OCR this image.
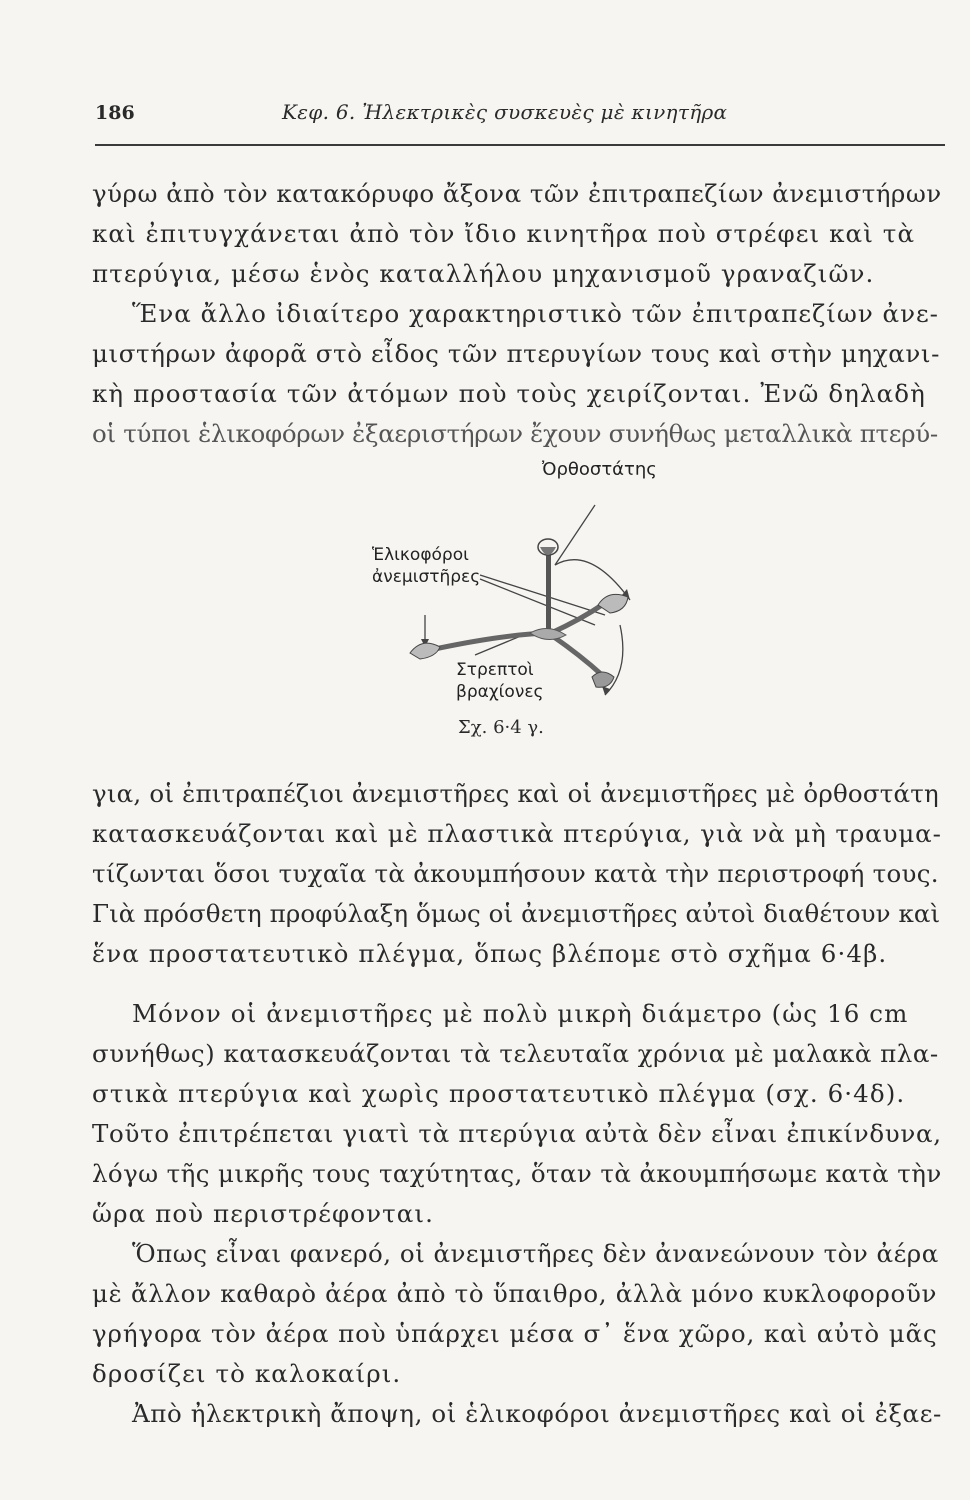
186	Κεφ. 6. Ἠλεκτρικὲς συσκευὲς μὲ κινητῆρα
γύρω ἀπὸ τὸν κατακόρυφο ἄξονα τῶν ἐπιτραπεζίων ἀνεμιστήρων
καὶ ἐπιτυγχάνεται ἀπὸ τὸν ἴδιο κινητῆρα ποὺ στρέφει καὶ τὰ
πτερύγια, μέσω ἑνὸς καταλλήλου μηχανισμοῦ γραναζιῶν.
Ἕνα ἄλλο ἰδιαίτερο χαρακτηριστικὸ τῶν ἐπιτραπεζίων ἀνε-
μιστήρων ἀφορᾶ στὸ εἶδος τῶν πτερυγίων τους καὶ στὴν μηχανι-
κὴ προστασία τῶν ἀτόμων ποὺ τοὺς χειρίζονται. Ἐνῶ δηλαδὴ
οἱ τύποι ἑλικοφόρων ἐξαεριστήρων ἔχουν συνήθως μεταλλικὰ πτερύ-
Ὀρθοστάτης
Ἑλικοφόροι
ἀνεμιστῆρες
Στρεπτοὶ
βραχίονες
Σχ. 6·4 γ.
για, οἱ ἐπιτραπέζιοι ἀνεμιστῆρες καὶ οἱ ἀνεμιστῆρες μὲ ὀρθοστάτη
κατασκευάζονται καὶ μὲ πλαστικὰ πτερύγια, γιὰ νὰ μὴ τραυμα-
τίζωνται ὅσοι τυχαῖα τὰ ἀκουμπήσουν κατὰ τὴν περιστροφή τους.
Γιὰ πρόσθετη προφύλαξη ὅμως οἱ ἀνεμιστῆρες αὐτοὶ διαθέτουν καὶ
ἕνα προστατευτικὸ πλέγμα, ὅπως βλέπομε στὸ σχῆμα 6·4β.
Μόνον οἱ ἀνεμιστῆρες μὲ πολὺ μικρὴ διάμετρο (ὡς 16 cm
συνήθως) κατασκευάζονται τὰ τελευταῖα χρόνια μὲ μαλακὰ πλα-
στικὰ πτερύγια καὶ χωρὶς προστατευτικὸ πλέγμα (σχ. 6·4δ).
Τοῦτο ἐπιτρέπεται γιατὶ τὰ πτερύγια αὐτὰ δὲν εἶναι ἐπικίνδυνα,
λόγω τῆς μικρῆς τους ταχύτητας, ὅταν τὰ ἀκουμπήσωμε κατὰ τὴν
ὥρα ποὺ περιστρέφονται.
Ὅπως εἶναι φανερό, οἱ ἀνεμιστῆρες δὲν ἀνανεώνουν τὸν ἀέρα
μὲ ἄλλον καθαρὸ ἀέρα ἀπὸ τὸ ὕπαιθρο, ἀλλὰ μόνο κυκλοφοροῦν
γρήγορα τὸν ἀέρα ποὺ ὑπάρχει μέσα σ᾽ ἕνα χῶρο, καὶ αὐτὸ μᾶς
δροσίζει τὸ καλοκαίρι.
Ἀπὸ ἠλεκτρικὴ ἄποψη, οἱ ἑλικοφόροι ἀνεμιστῆρες καὶ οἱ ἐξαε-
